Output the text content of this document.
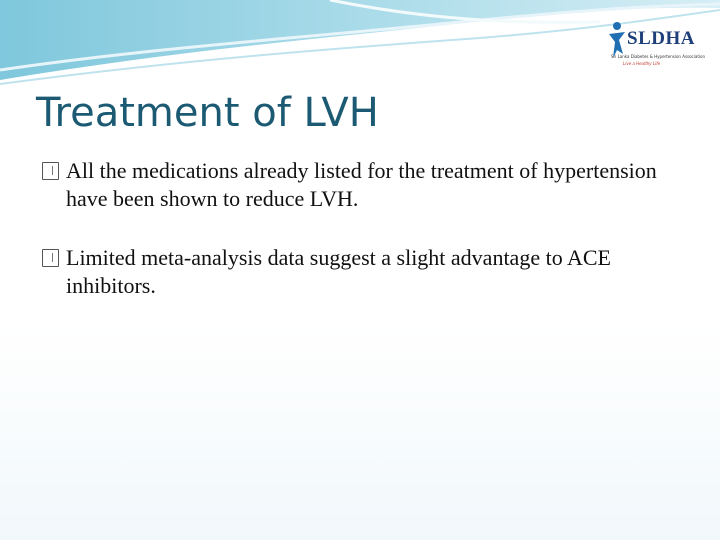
SLDHA
Sri Lanka Diabetes & Hypertension Association
Live a Healthy Life
Treatment of LVH
All the medications already listed for the treatment of hypertension have been shown to reduce LVH.
Limited meta-analysis data suggest a slight advantage to ACE inhibitors.
